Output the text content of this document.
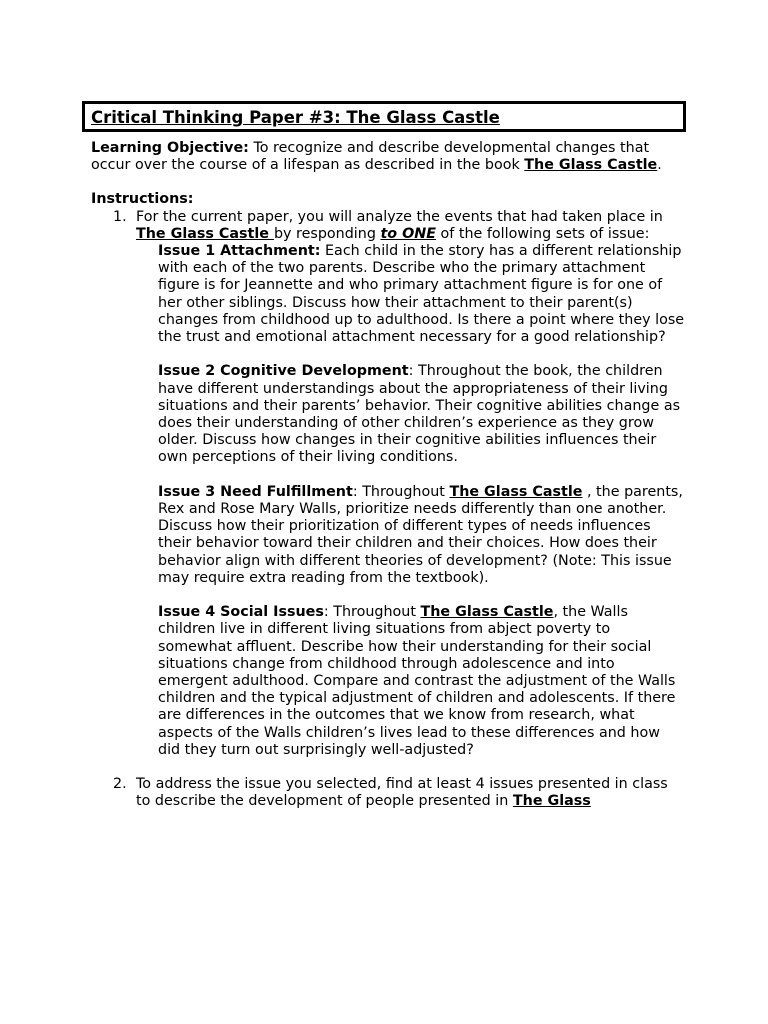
Critical Thinking Paper #3: The Glass Castle

Learning Objective: To recognize and describe developmental changes that occur over the course of a lifespan as described in the book The Glass Castle.

Instructions:

1. For the current paper, you will analyze the events that had taken place in The Glass Castle by responding to ONE of the following sets of issue:

Issue 1 Attachment: Each child in the story has a different relationship with each of the two parents. Describe who the primary attachment figure is for Jeannette and who primary attachment figure is for one of her other siblings. Discuss how their attachment to their parent(s) changes from childhood up to adulthood. Is there a point where they lose the trust and emotional attachment necessary for a good relationship?

Issue 2 Cognitive Development: Throughout the book, the children have different understandings about the appropriateness of their living situations and their parents’ behavior. Their cognitive abilities change as does their understanding of other children’s experience as they grow older. Discuss how changes in their cognitive abilities influences their own perceptions of their living conditions.

Issue 3 Need Fulfillment: Throughout The Glass Castle , the parents, Rex and Rose Mary Walls, prioritize needs differently than one another. Discuss how their prioritization of different types of needs influences their behavior toward their children and their choices. How does their behavior align with different theories of development? (Note: This issue may require extra reading from the textbook).

Issue 4 Social Issues: Throughout The Glass Castle, the Walls children live in different living situations from abject poverty to somewhat affluent. Describe how their understanding for their social situations change from childhood through adolescence and into emergent adulthood. Compare and contrast the adjustment of the Walls children and the typical adjustment of children and adolescents. If there are differences in the outcomes that we know from research, what aspects of the Walls children’s lives lead to these differences and how did they turn out surprisingly well-adjusted?

2. To address the issue you selected, find at least 4 issues presented in class to describe the development of people presented in The Glass
